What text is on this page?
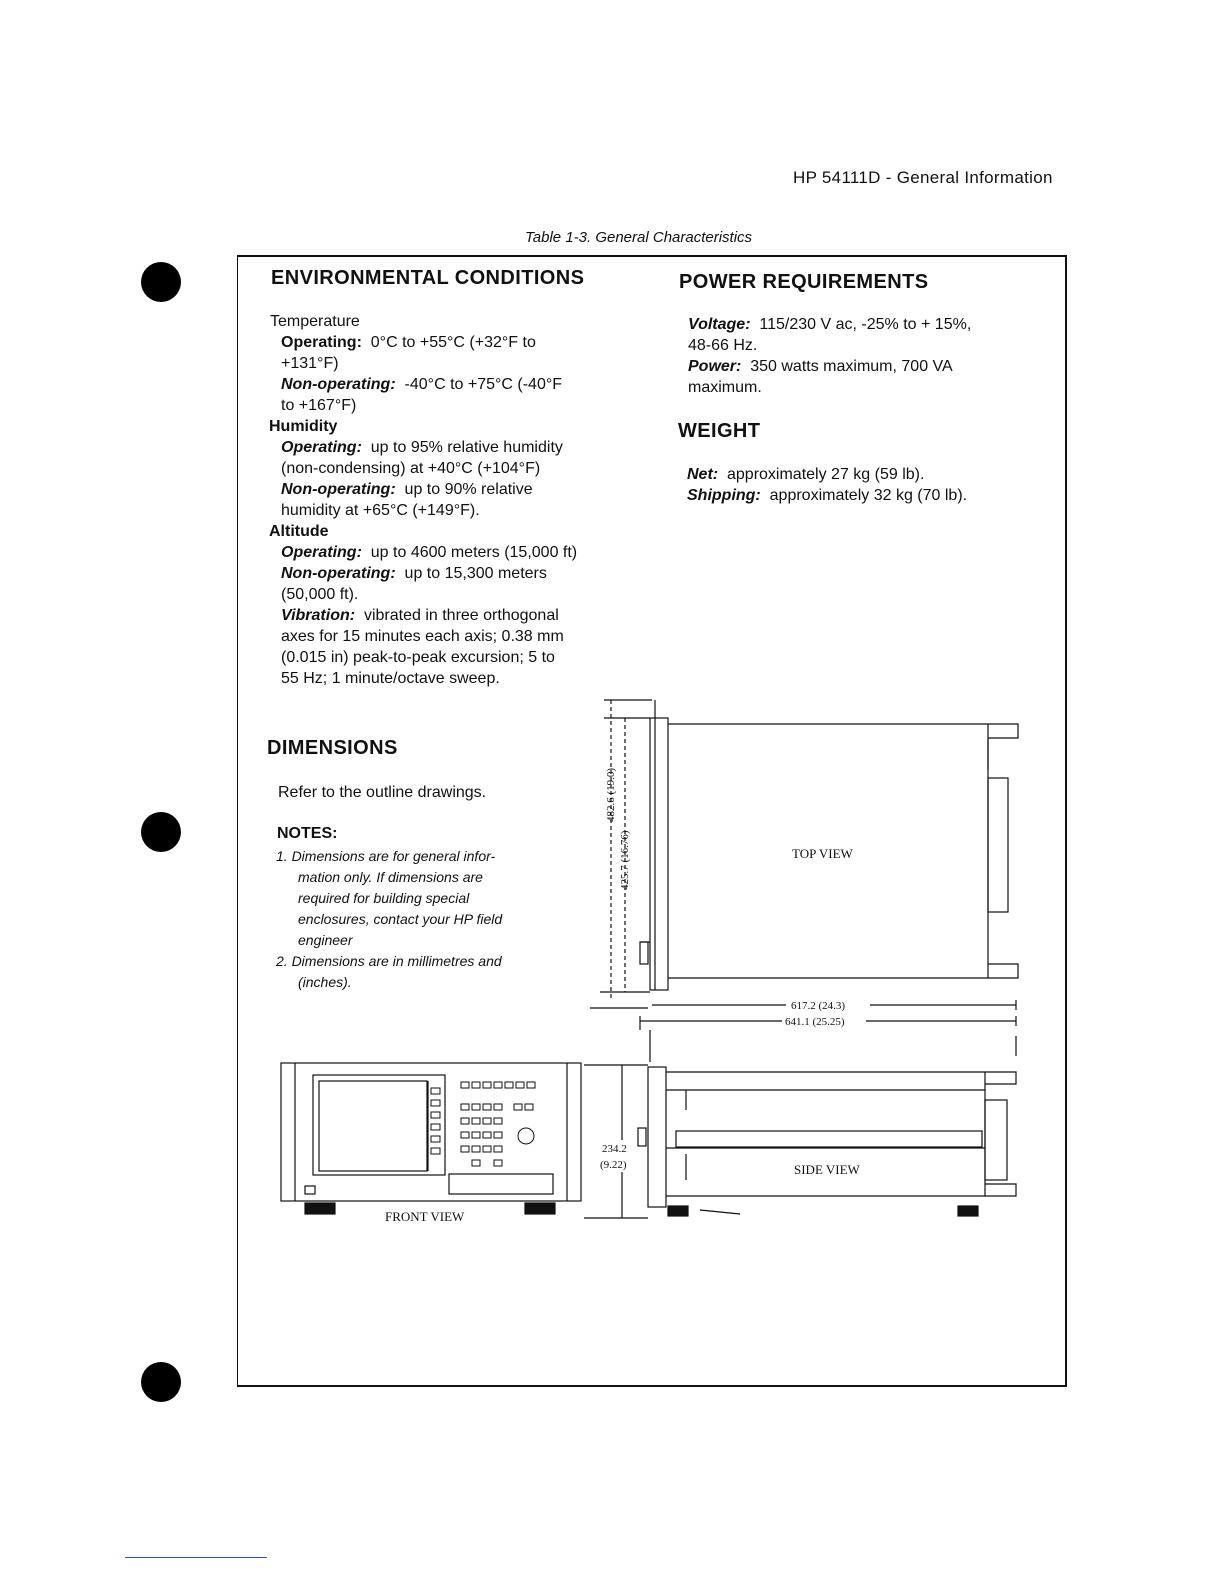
HP 54111D - General Information
Table 1-3. General Characteristics
ENVIRONMENTAL CONDITIONS
Temperature
Operating: 0°C to +55°C (+32°F to
+131°F)
Non-operating: -40°C to +75°C (-40°F
to +167°F)
Humidity
Operating: up to 95% relative humidity
(non-condensing) at +40°C (+104°F)
Non-operating: up to 90% relative
humidity at +65°C (+149°F).
Altitude
Operating: up to 4600 meters (15,000 ft)
Non-operating: up to 15,300 meters
(50,000 ft).
Vibration: vibrated in three orthogonal
axes for 15 minutes each axis; 0.38 mm
(0.015 in) peak-to-peak excursion; 5 to
55 Hz; 1 minute/octave sweep.
POWER REQUIREMENTS
Voltage: 115/230 V ac, -25% to + 15%,
48-66 Hz.
Power: 350 watts maximum, 700 VA
maximum.
WEIGHT
Net: approximately 27 kg (59 lb).
Shipping: approximately 32 kg (70 lb).
DIMENSIONS
Refer to the outline drawings.
NOTES:
1. Dimensions are for general infor-
mation only. If dimensions are
required for building special
enclosures, contact your HP field
engineer
2. Dimensions are in millimetres and
(inches).
TOP VIEW
SIDE VIEW
FRONT VIEW
617.2 (24.3)
641.1 (25.25)
234.2
(9.22)
482.6 (19.0)
425.7 (16.76)
